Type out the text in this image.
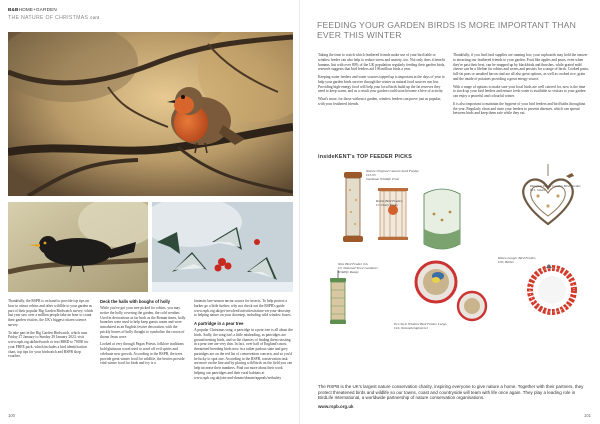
B&BHOME+GARDEN
THE NATURE OF CHRISTMAS cont

Thankfully, the RSPB is on hand to provide top tips on how to attract robins and other wildlife to your garden as part of their popular Big Garden Birdwatch survey, which last year saw over a million people take an hour to count their garden visitors, the UK's biggest citizen science survey.

To take part in the Big Garden Birdwatch, which runs Friday 27 January to Sunday 29 January 2023, visit www.rspb.org.uk/birdwatch or text BIRD to 70030 for your FREE pack, which includes a bird identification chart, top tips for your birdwatch and RSPB shop voucher.

Deck the halls with boughs of holly

While you've got your tree picked for robins, you may notice the holly covering the garden, the cold weather. Used in decorations as far back as the Roman times, holly branches were used to help keep guests warm and were introduced as an English festive decoration, with the prickly leaves of holly thought to symbolise the crown of thorns Jesus wore.

Looked at very through Pagan Priests, folklore traditions hold glutinous wood used to ward off evil spirits and celebrate new growth. According to the RSPB, the trees provide great winter food for wildlife, the berries provide vital winter food for birds and ivy is a

fantastic late-season nectar source for insects. To help protect a barker go a little further, why not check out the RSPB's guide www.rspb.org.uk/get-involved/activities/nature-on-your-doorstep to helping nature on your doorstep, including wild window boxes.

A partridge in a pear tree

A popular Christmas song, a partridge in a pear tree is all about the birds. Sadly, the song isn't a little misleading, as partridges are ground nesting birds, and so the chances of finding them roosting in a pear tree are very thin. In fact, over half of England's most threatened breeding birds now in a rather parlous state and grey partridges are on the red list of conservation concern, and so you'd be lucky to spot one. According to the RSPB, conservation task are more on the line and by placing wild birds on the field you can help increase their numbers. Find out more about their work helping our partridges and their rural habitats at www.rspb.org.uk/join-and-donate/donate/appeals/redsafety

100
FEEDING YOUR GARDEN BIRDS IS MORE IMPORTANT THAN EVER THIS WINTER

Taking the time to watch which feathered friends make use of your bird table or window feeder can also help to reduce stress and anxiety, too. Not only does it benefit humans, but with over 80% of the UK population regularly feeding their garden birds, research suggests that bird feeders aid 196 million birds a year.

Keeping water feeders and water sources topped up is important in the days of year to help your garden birds survive through the winter as natural food sources run low. Providing high-energy food will help your local birds build up the fat reserves they need to keep warm, and as a result your garden could soon become a hive of activity.

What's more, for those without a garden, window feeders can prove just as popular, with your feathered friends.

Thankfully, if you find food supplies are running low, your cupboards may hold the answer to attracting our feathered friends to your garden. Fruit like apples and pears, even when they're past their best, can be snapped up by blackbirds and thrushes, while grated mild cheese can be a lifeline for robins and wrens and persists for a range of birds. Cooked pasta, full-fat peas or unsalted bacon rind are all also great options, as well as cooked rice, grain and the inside of potatoes providing a great energy source.

With a range of options to make sure your local birds are well catered for, now is the time to stock up your bird feeders and ensure fresh water is available so visitors to your garden can enjoy a peaceful and colourful winter.

It is also important to maintain the hygiene of your bird feeders and bird baths throughout the year. Regularly clean and rinse your feeders to prevent diseases, which can spread between birds and keep them safe while they eat.

insideKENT's TOP FEEDER PICKS
Nature Original Cannon Seed Feeder, £15.95
Gardman Wildlife Trust
Robin Bird Feeder,
£7, Dotty Pinks
Hanging Heart Garden Bird Feeder,
£15, Sibles
Nuts Bird Feeder 0.6,
£3, National Trust Gardener Wildlife Range
Eco Style Window Bird Feeder Large,
£16, Notonthehighstreet
Kitten Longer Bird Feeder,
£30, Bibles
The RSPB is the UK's largest nature conservation charity, inspiring everyone to give nature a home. Together with their partners, they protect threatened birds and wildlife so our towns, coast and countryside will team with life once again. They play a leading role in BirdLife International, a worldwide partnership of nature conservation organisations.
www.rspb.org.uk
101
